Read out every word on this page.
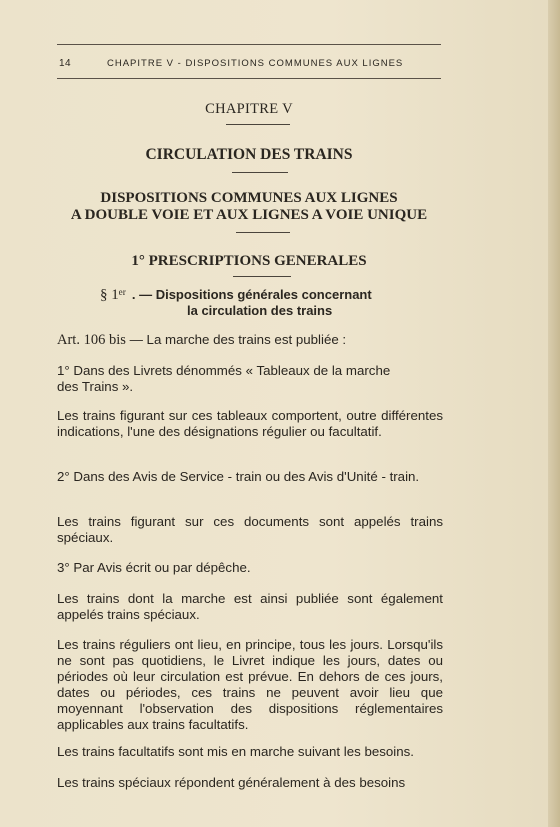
14	CHAPITRE V - DISPOSITIONS COMMUNES AUX LIGNES
CHAPITRE V
CIRCULATION DES TRAINS
DISPOSITIONS COMMUNES AUX LIGNES
A DOUBLE VOIE ET AUX LIGNES A VOIE UNIQUE
1° PRESCRIPTIONS GENERALES
§ 1ᵉʳ . — Dispositions générales concernant
la circulation des trains
Art. 106 bis — La marche des trains est publiée :
1° Dans des Livrets dénommés « Tableaux de la marche
des Trains ».
Les trains figurant sur ces tableaux comportent, outre différentes indications, l'une des désignations régulier ou facultatif.
2° Dans des Avis de Service - train ou des Avis d'Unité - train.
Les trains figurant sur ces documents sont appelés trains spéciaux.
3° Par Avis écrit ou par dépêche.
Les trains dont la marche est ainsi publiée sont également appelés trains spéciaux.
Les trains réguliers ont lieu, en principe, tous les jours. Lorsqu'ils ne sont pas quotidiens, le Livret indique les jours, dates ou périodes où leur circulation est prévue. En dehors de ces jours, dates ou périodes, ces trains ne peuvent avoir lieu que moyennant l'observation des dispositions réglementaires applicables aux trains facultatifs.
Les trains facultatifs sont mis en marche suivant les besoins.
Les trains spéciaux répondent généralement à des besoins
